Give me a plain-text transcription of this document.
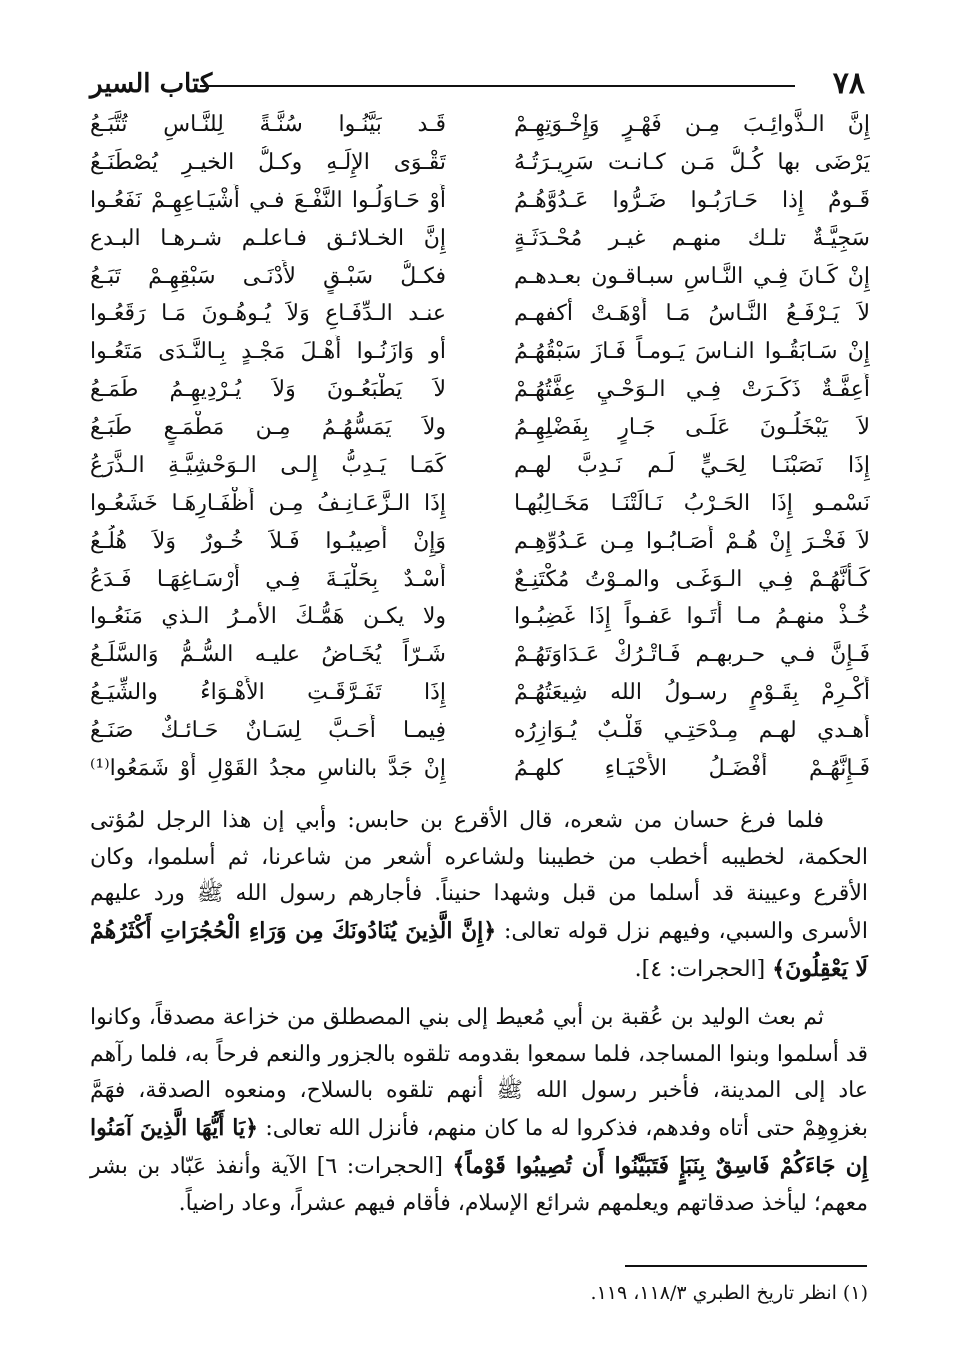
٧٨
كتاب السير
إِنَّ الـذَّوائِـبَ مِـن فَهْـرٍ وَإِخْـوَتِهِـمْ
قَـد بَيَّنُـوا سُنَّـةً لِلنَّـاسِ تُتَّبَـعُ
يَرْضَى بها كُـلُّ مَـن كـانـت سَرِيـرَتُـهُ
تَقْـوَى الإِلَـهِ وكـلُّ الخيـرِ يُصْطَنَـعُ
قَـومٌ إِذا حَـارَبُـوا ضَـرُّوا عَـدُوَّهُـمُ
أَوْ حَـاوَلُـوا النَّفْـعَ فـي أَشْيَـاعِهِـمْ نَفَعُـوا
سَجِيَّـةٌ تلـك منهـم غيـر مُحْـدَثَـةٍ
إِنَّ الخـلائـق فـاعلـم شـرهـا البـدع
إِنْ كَـانَ فِـي النَّـاسِ سبـاقـون بعـدهـم
فكـلُّ سَبْـقٍ لأَدْنَـى سَبْقِهِـمْ تَبَـعُ
لاَ يَـرْفَـعُ النَّـاسُ مَـا أَوْهَـتْ أكفهـم
عنـد الـدِّفَـاعِ وَلاَ يُـوهُـونَ مَـا رَقَعُـوا
إِنْ سَـابَقُـوا النـاسَ يَـومـاً فَـازَ سَبْقُهُـمُ
أو وَازَنُـوا أَهْـلَ مَجْـدٍ بِـالنَّـدَى مَتَعُـوا
أَعِفَّـةٌ ذَكَـرَتْ فِـي الـوَحْـيِ عِفَّتُهُـمْ
لاَ يَطْبَعُـونَ وَلاَ يُـرْدِيهِـمُ طَمَـعُ
لاَ يَبْخَلُـونَ عَلَـى جَـارٍ بِفَضْلِهِـمُ
ولاَ يَمَسُّهُـمُ مِـن مَطْمَـعٍ طَبَـعُ
إِذَا نَصَبْنَـا لِحَـيٍّ لَـم نَـدِبَّ لهـم
كَمَـا يَـدِبُّ إِلـى الـوَحْشِيَّـةِ الـذَّرَعُ
نَسْمـو إِذَا الحَـرْبُ نَـالَتْنَـا مَخَـالِبُهـا
إِذَا الـزَّعَـانِـفُ مِـن أَظْفَـارِهَـا خَشَعُـوا
لاَ فَخْـرَ إِنْ هُـمْ أَصَـابُـوا مِـن عَـدُوِّهِـم
وَإِنْ أُصِيبُـوا فَـلاَ خُـورٌ وَلاَ هُلُـعُ
كَـأَنَّهُـمْ فِـي الـوَغَـى والمـوْتُ مُكْتَنِـعٌ
أُسْـدٌ بِحَلْيَـةَ فِـي أَرْسَـاغِهَـا فَـدَعُ
خُـذْ منهـمُ مـا أَتَـوا عَفـواً إِذَا غَضِبُـوا
ولا يكـن هَمُّـكَ الأمـرُ الـذي مَنَعُـوا
فَـإِنَّ فـي حـربهـم فَـاتْـرُكْ عَـدَاوَتَهُـمْ
شَـرّاً يُخَـاضُ عليـه السُّـمُّ وَالسَّلَـعُ
أَكْـرِمْ بِقَـوْمٍ رسـولُ الله شِيعَتُهُـمْ
إِذَا تَفَـرَّقَـتِ الأَهْـوَاءُ والشِّيَـعُ
أَهـدي لهـم مِـدْحَتِـي قَلْـبٌ يُـوَازِرُه
فِيمـا أَحَـبَّ لِسَـانٌ حَـائـكٌ صَنَـعُ
فَـإِنَّهُـمْ أَفْضَـلُ الأَحْيَـاءِ كلهـمُ
إِنْ جَدَّ بالناسِ مجدُ القَوْلِ أَوْ شَمَعُوا⁽¹⁾

فلما فرغ حسان من شعره، قال الأقرع بن حابس: وأبي إن هذا الرجل لمُؤتى الحكمة، لخطيبه أخطب من خطيبنا ولشاعره أشعر من شاعرنا، ثم أسلموا، وكان الأقرع وعيينة قد أسلما من قبل وشهدا حنيناً. فأجارهم رسول الله ﷺ ورد عليهم الأسرى والسبي، وفيهم نزل قوله تعالى: ﴿إِنَّ الَّذِينَ يُنَادُونَكَ مِن وَرَاءِ الْحُجُرَاتِ أَكْثَرُهُمْ لَا يَعْقِلُونَ﴾ [الحجرات: ٤].

ثم بعث الوليد بن عُقبة بن أبي مُعيط إلى بني المصطلق من خزاعة مصدقاً، وكانوا قد أسلموا وبنوا المساجد، فلما سمعوا بقدومه تلقوه بالجزور والنعم فرحاً به، فلما رآهم عاد إلى المدينة، فأخبر رسول الله ﷺ أنهم تلقوه بالسلاح، ومنعوه الصدقة، فهَمَّ بغزوِهِمْ حتى أتاه وفدهم، فذكروا له ما كان منهم، فأنزل الله تعالى: ﴿يَا أَيُّهَا الَّذِينَ آمَنُوا إِن جَاءَكُمْ فَاسِقٌ بِنَبَإٍ فَتَبَيَّنُوا أَن تُصِيبُوا قَوْماً﴾ [الحجرات: ٦] الآية وأنفذ عَبّاد بن بشر معهم؛ ليأخذ صدقاتهم ويعلمهم شرائع الإسلام، فأقام فيهم عشراً، وعاد راضياً.

(١) انظر تاريخ الطبري ١١٨/٣، ١١٩.
